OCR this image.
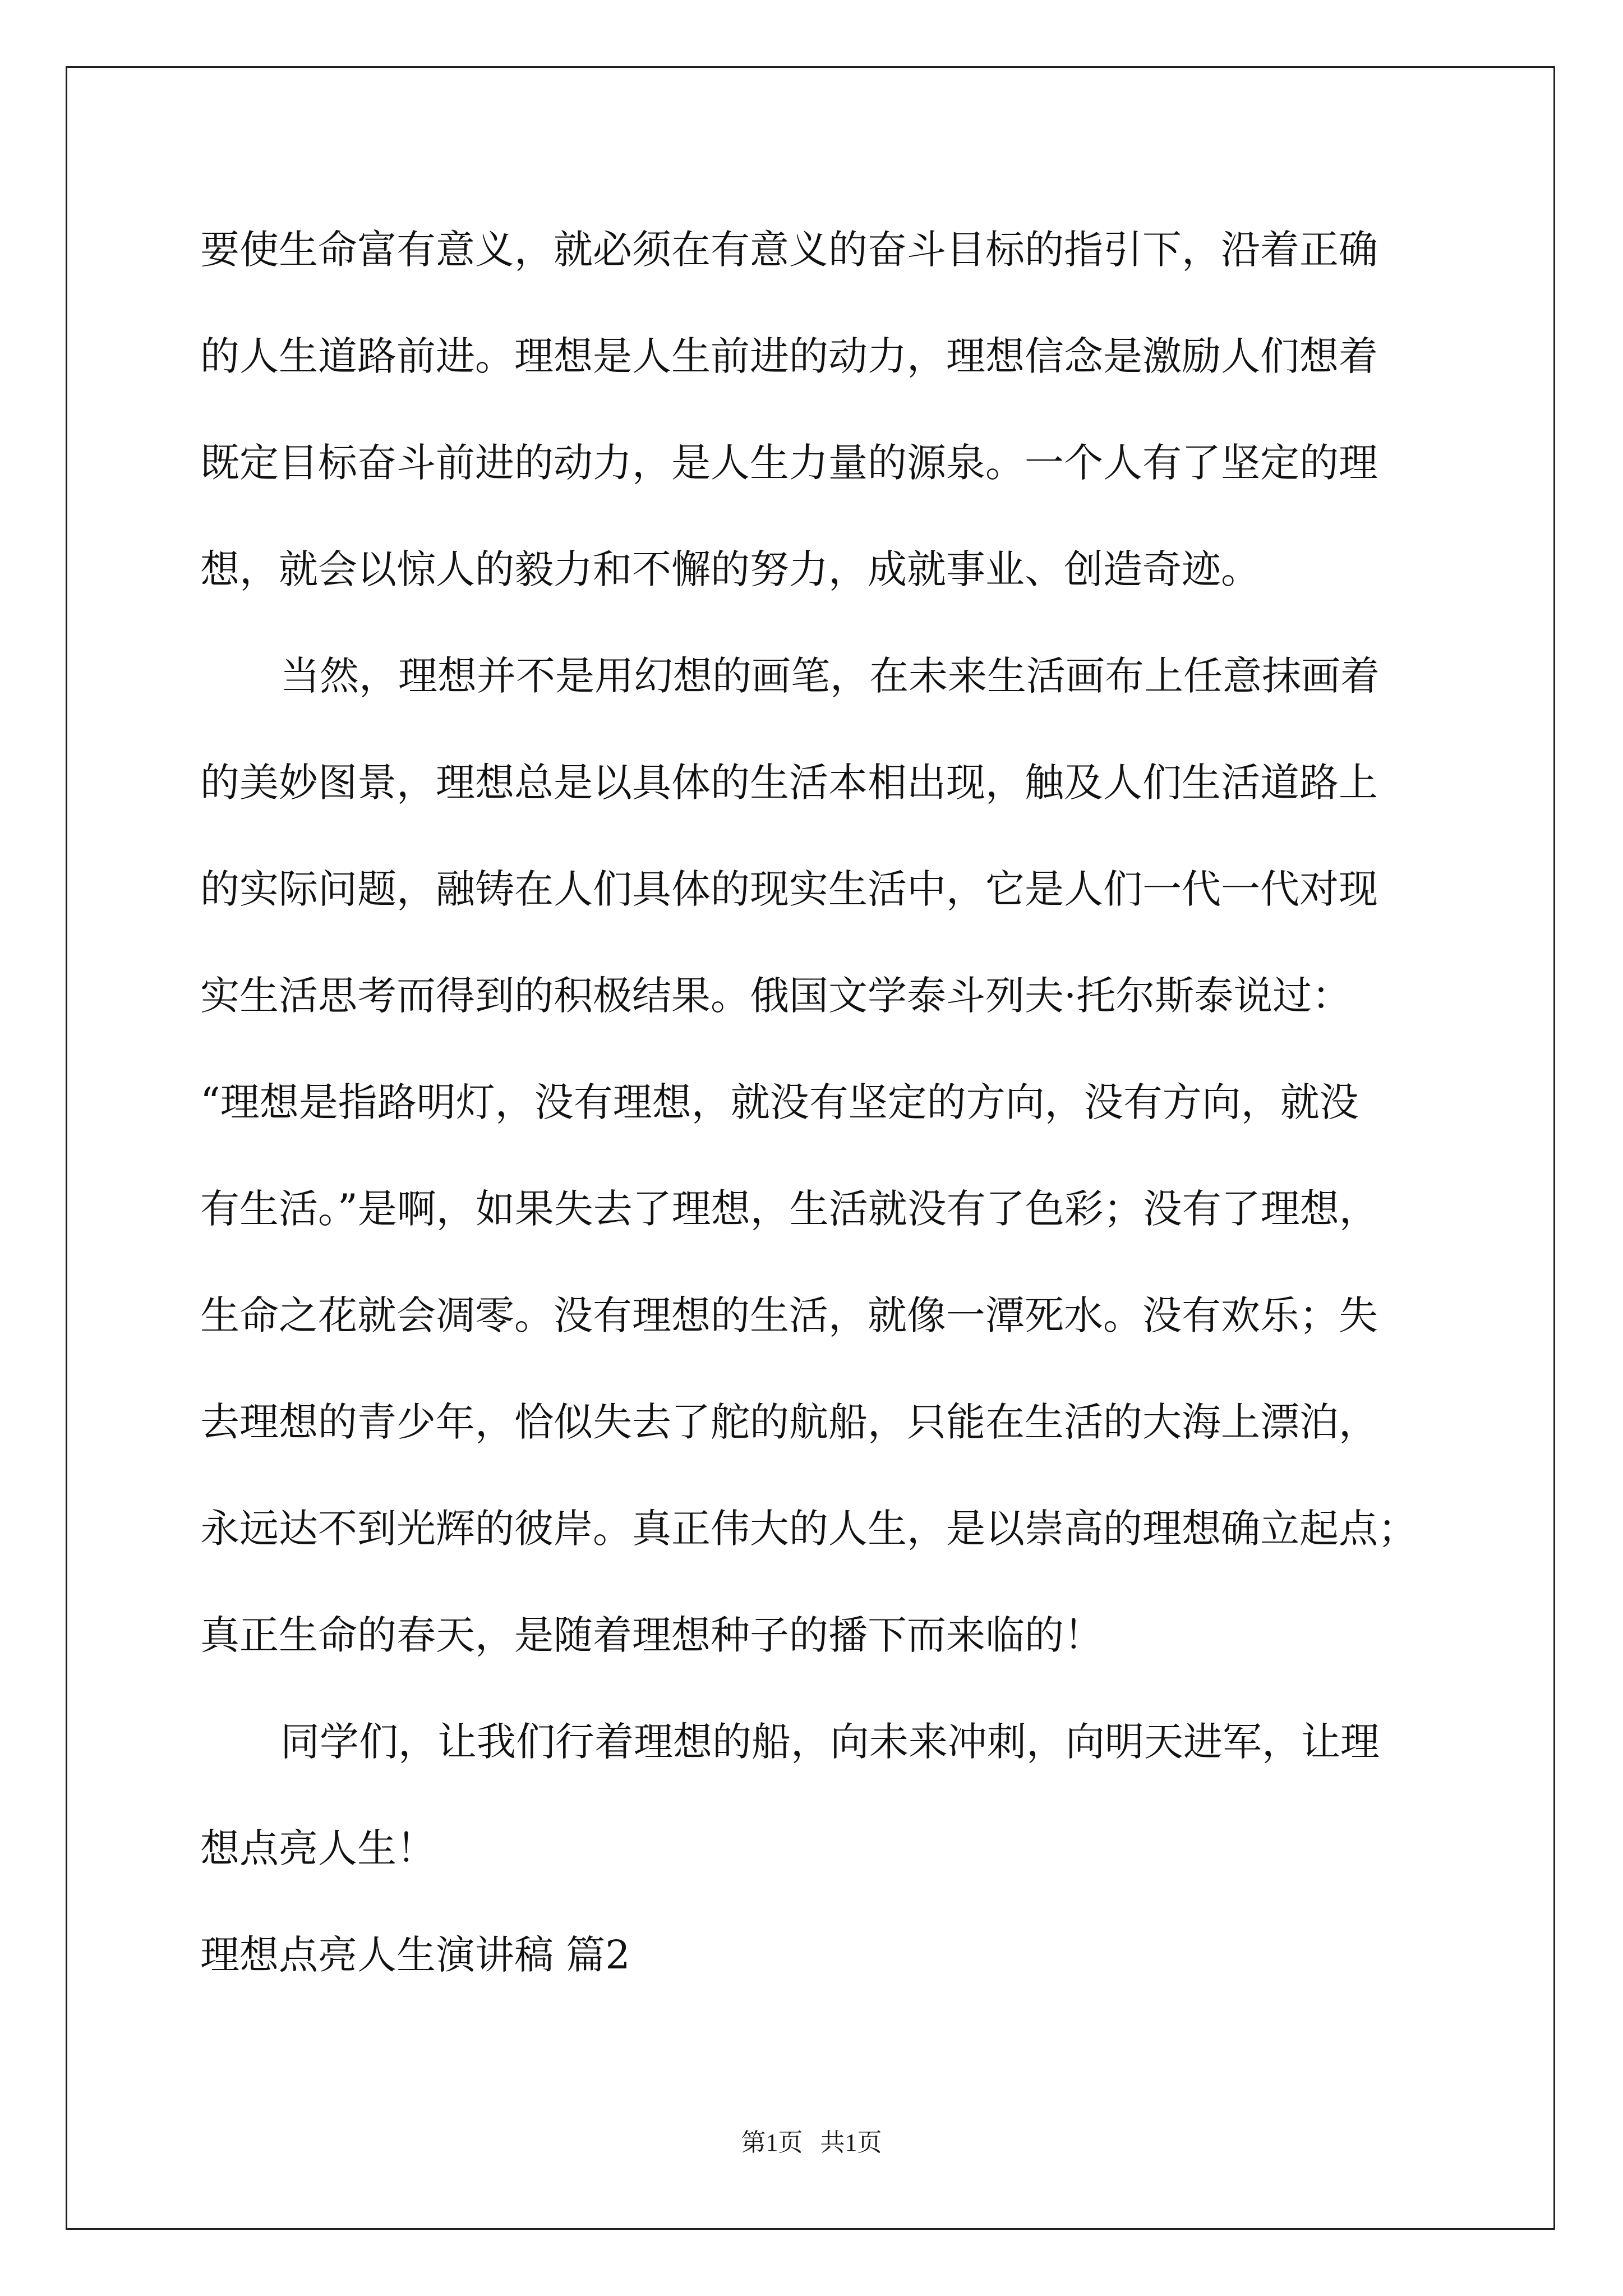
要使生命富有意义，就必须在有意义的奋斗目标的指引下，沿着正确
的人生道路前进。理想是人生前进的动力，理想信念是激励人们想着
既定目标奋斗前进的动力，是人生力量的源泉。一个人有了坚定的理
想，就会以惊人的毅力和不懈的努力，成就事业、创造奇迹。
当然，理想并不是用幻想的画笔，在未来生活画布上任意抹画着
的美妙图景，理想总是以具体的生活本相出现，触及人们生活道路上
的实际问题，融铸在人们具体的现实生活中，它是人们一代一代对现
实生活思考而得到的积极结果。俄国文学泰斗列夫·托尔斯泰说过：
“理想是指路明灯，没有理想，就没有坚定的方向，没有方向，就没
有生活。”是啊，如果失去了理想，生活就没有了色彩；没有了理想，
生命之花就会凋零。没有理想的生活，就像一潭死水。没有欢乐；失
去理想的青少年，恰似失去了舵的航船，只能在生活的大海上漂泊，
永远达不到光辉的彼岸。真正伟大的人生，是以崇高的理想确立起点；
真正生命的春天，是随着理想种子的播下而来临的！
同学们，让我们行着理想的船，向未来冲刺，向明天进军，让理
想点亮人生！
理想点亮人生演讲稿 篇2
第1页 共1页
